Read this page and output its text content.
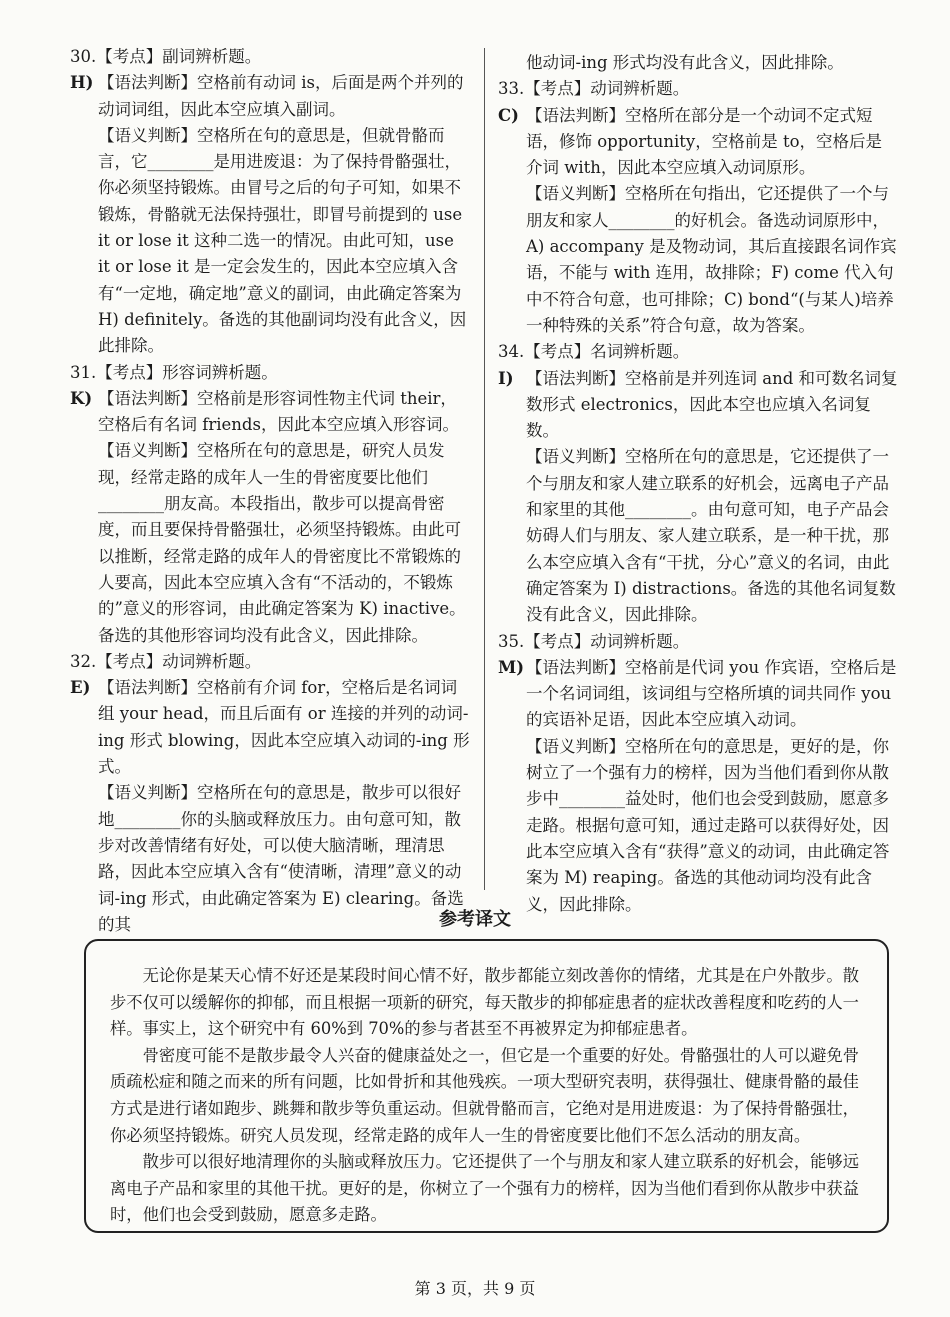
30.【考点】副词辨析题。
H) 【语法判断】空格前有动词 is，后面是两个并列的动词词组，因此本空应填入副词。
【语义判断】空格所在句的意思是，但就骨骼而言，它________是用进废退：为了保持骨骼强壮，你必须坚持锻炼。由冒号之后的句子可知，如果不锻炼，骨骼就无法保持强壮，即冒号前提到的 use it or lose it 这种二选一的情况。由此可知，use it or lose it 是一定会发生的，因此本空应填入含有“一定地，确定地”意义的副词，由此确定答案为 H) definitely。备选的其他副词均没有此含义，因此排除。
31.【考点】形容词辨析题。
K) 【语法判断】空格前是形容词性物主代词 their，空格后有名词 friends，因此本空应填入形容词。
【语义判断】空格所在句的意思是，研究人员发现，经常走路的成年人一生的骨密度要比他们________朋友高。本段指出，散步可以提高骨密度，而且要保持骨骼强壮，必须坚持锻炼。由此可以推断，经常走路的成年人的骨密度比不常锻炼的人要高，因此本空应填入含有“不活动的，不锻炼的”意义的形容词，由此确定答案为 K) inactive。备选的其他形容词均没有此含义，因此排除。
32.【考点】动词辨析题。
E) 【语法判断】空格前有介词 for，空格后是名词词组 your head，而且后面有 or 连接的并列的动词-ing 形式 blowing，因此本空应填入动词的-ing 形式。
【语义判断】空格所在句的意思是，散步可以很好地________你的头脑或释放压力。由句意可知，散步对改善情绪有好处，可以使大脑清晰，理清思路，因此本空应填入含有“使清晰，清理”意义的动词-ing 形式，由此确定答案为 E) clearing。备选的其
他动词-ing 形式均没有此含义，因此排除。
33.【考点】动词辨析题。
C) 【语法判断】空格所在部分是一个动词不定式短语，修饰 opportunity，空格前是 to，空格后是介词 with，因此本空应填入动词原形。
【语义判断】空格所在句指出，它还提供了一个与朋友和家人________的好机会。备选动词原形中，A) accompany 是及物动词，其后直接跟名词作宾语，不能与 with 连用，故排除；F) come 代入句中不符合句意，也可排除；C) bond“(与某人)培养一种特殊的关系”符合句意，故为答案。
34.【考点】名词辨析题。
I) 【语法判断】空格前是并列连词 and 和可数名词复数形式 electronics，因此本空也应填入名词复数。
【语义判断】空格所在句的意思是，它还提供了一个与朋友和家人建立联系的好机会，远离电子产品和家里的其他________。由句意可知，电子产品会妨碍人们与朋友、家人建立联系，是一种干扰，那么本空应填入含有“干扰，分心”意义的名词，由此确定答案为 I) distractions。备选的其他名词复数没有此含义，因此排除。
35.【考点】动词辨析题。
M) 【语法判断】空格前是代词 you 作宾语，空格后是一个名词词组，该词组与空格所填的词共同作 you 的宾语补足语，因此本空应填入动词。
【语义判断】空格所在句的意思是，更好的是，你树立了一个强有力的榜样，因为当他们看到你从散步中________益处时，他们也会受到鼓励，愿意多走路。根据句意可知，通过走路可以获得好处，因此本空应填入含有“获得”意义的动词，由此确定答案为 M) reaping。备选的其他动词均没有此含义，因此排除。
参考译文

无论你是某天心情不好还是某段时间心情不好，散步都能立刻改善你的情绪，尤其是在户外散步。散步不仅可以缓解你的抑郁，而且根据一项新的研究，每天散步的抑郁症患者的症状改善程度和吃药的人一样。事实上，这个研究中有 60%到 70%的参与者甚至不再被界定为抑郁症患者。

骨密度可能不是散步最令人兴奋的健康益处之一，但它是一个重要的好处。骨骼强壮的人可以避免骨质疏松症和随之而来的所有问题，比如骨折和其他残疾。一项大型研究表明，获得强壮、健康骨骼的最佳方式是进行诸如跑步、跳舞和散步等负重运动。但就骨骼而言，它绝对是用进废退：为了保持骨骼强壮，你必须坚持锻炼。研究人员发现，经常走路的成年人一生的骨密度要比他们不怎么活动的朋友高。

散步可以很好地清理你的头脑或释放压力。它还提供了一个与朋友和家人建立联系的好机会，能够远离电子产品和家里的其他干扰。更好的是，你树立了一个强有力的榜样，因为当他们看到你从散步中获益时，他们也会受到鼓励，愿意多走路。

第 3 页，共 9 页
